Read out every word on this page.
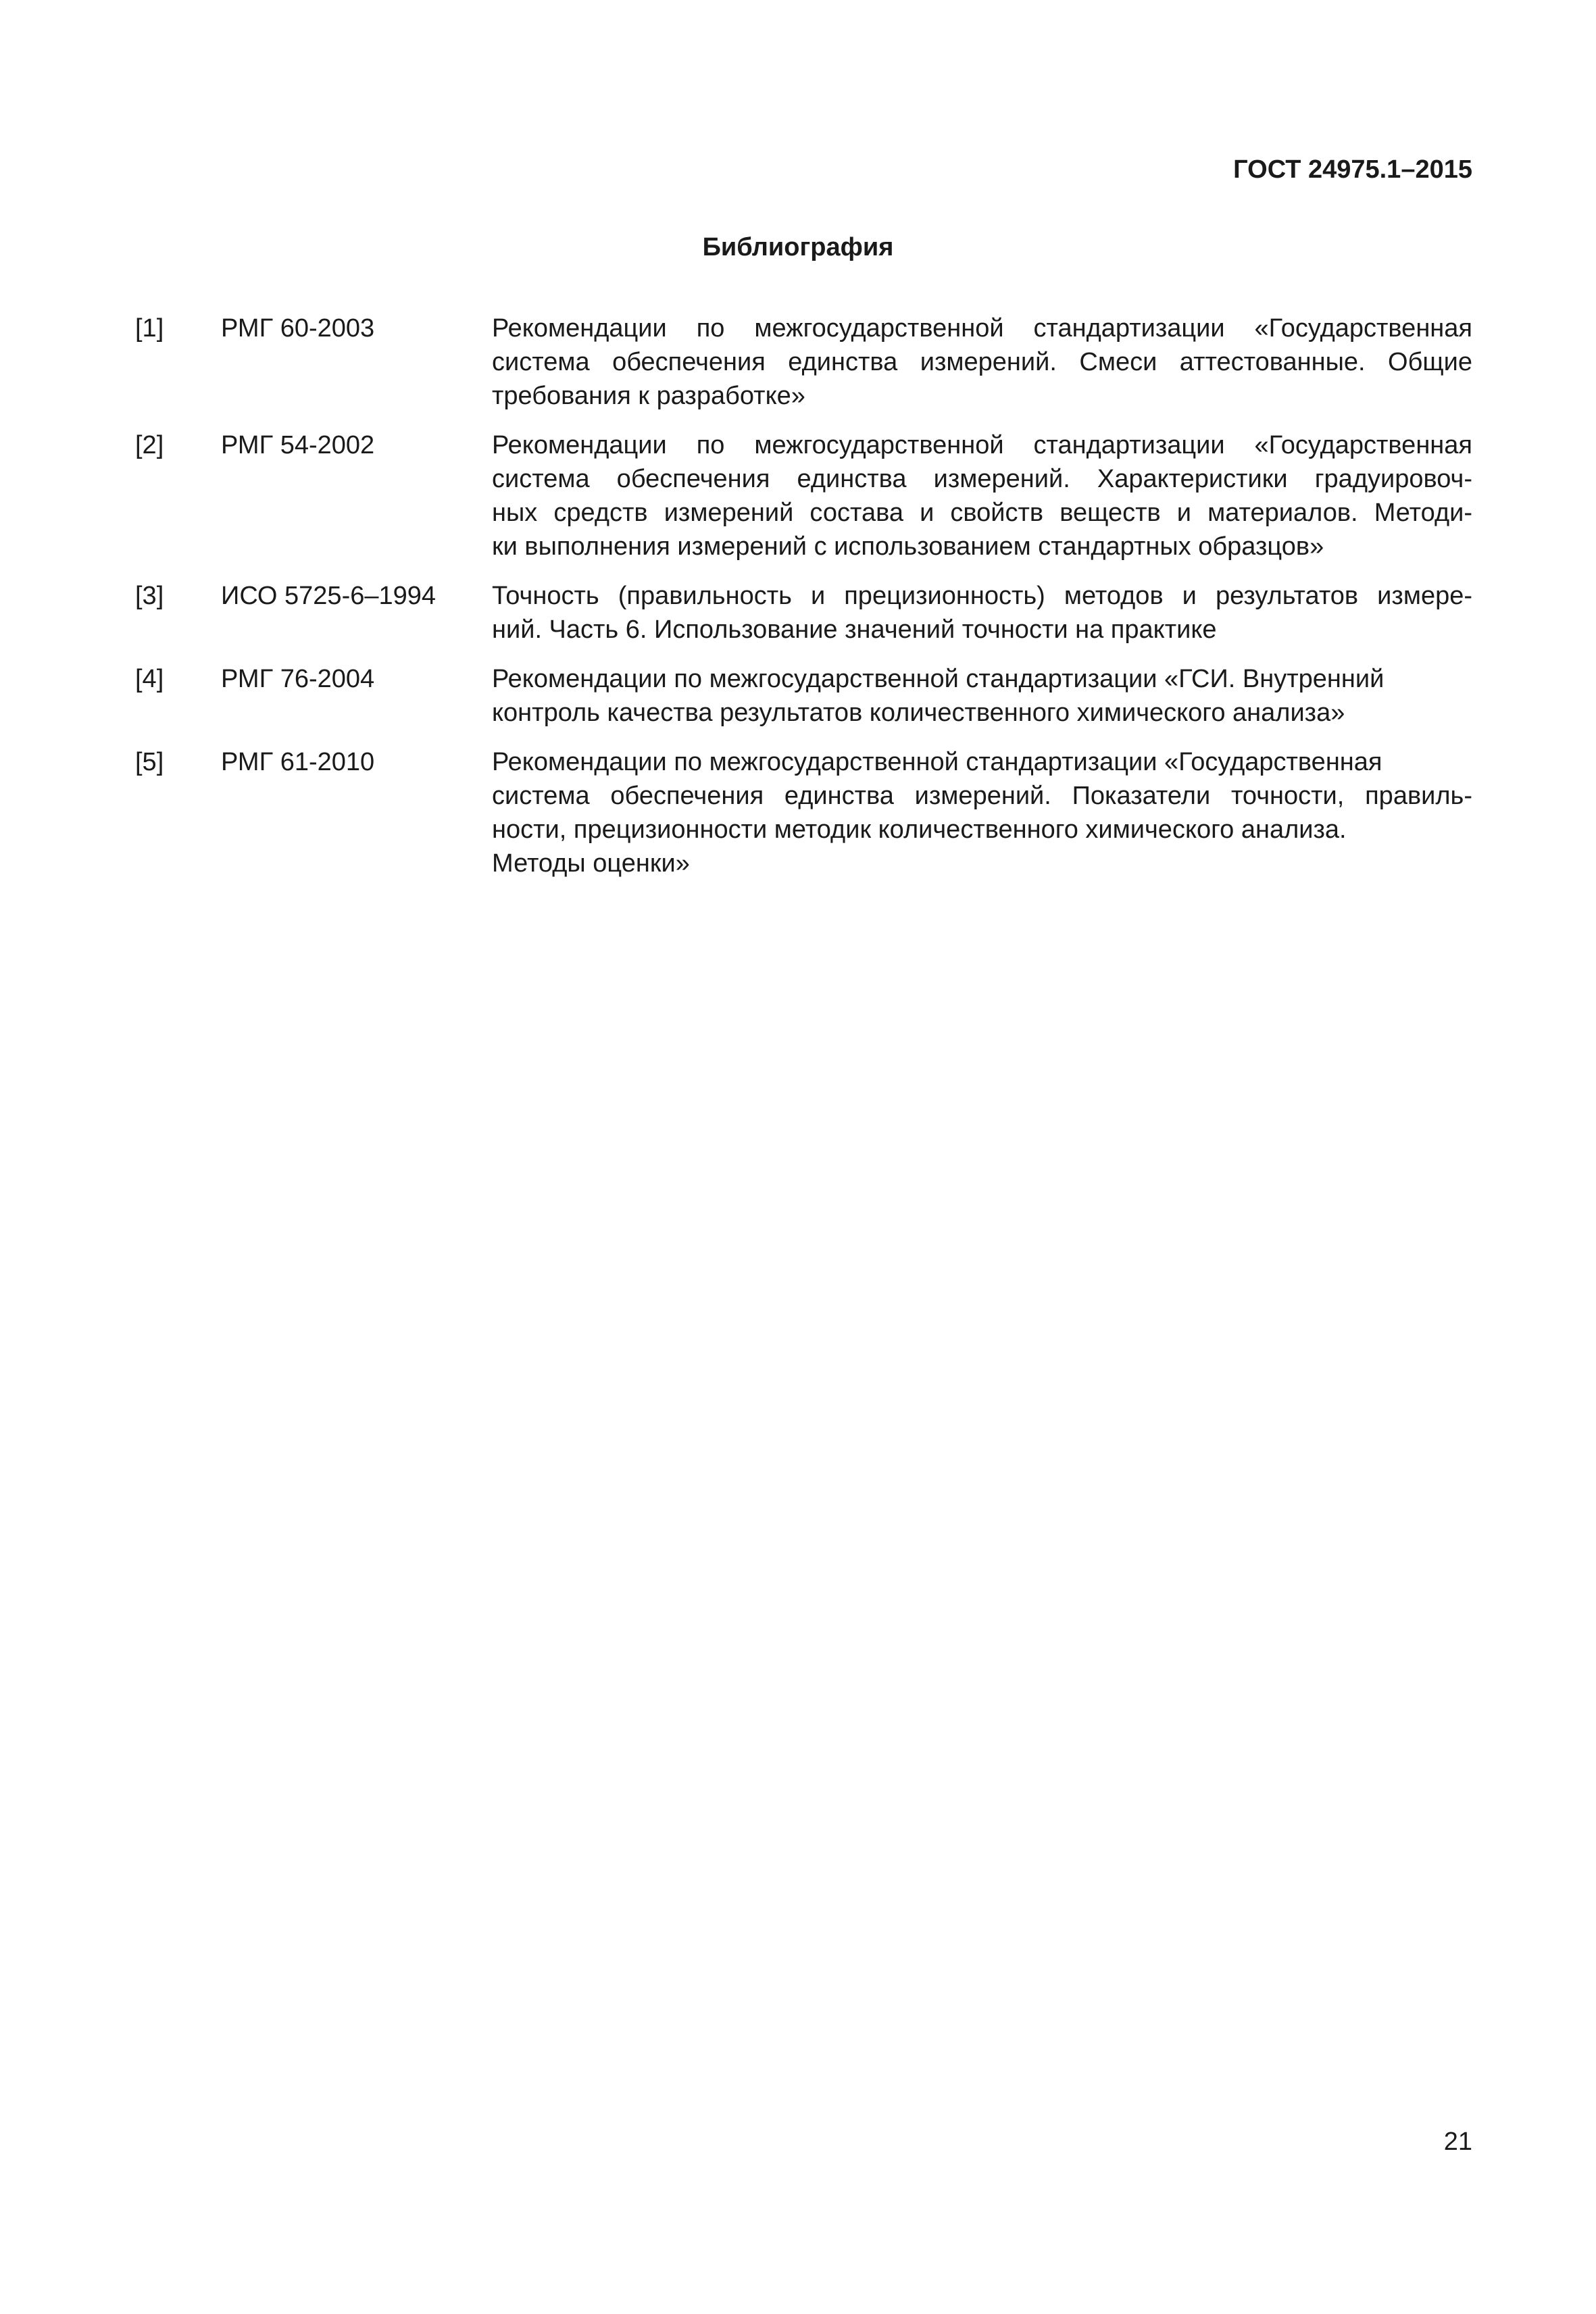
ГОСТ 24975.1–2015
Библиография
[1] РМГ 60-2003	Рекомендации по межгосударственной стандартизации «Государственная
система обеспечения единства измерений. Смеси аттестованные. Общие
требования к разработке»
[2] РМГ 54-2002	Рекомендации по межгосударственной стандартизации «Государственная
система обеспечения единства измерений. Характеристики градуировоч-
ных средств измерений состава и свойств веществ и материалов. Методи-
ки выполнения измерений с использованием стандартных образцов»
[3] ИСО 5725-6–1994 Точность (правильность и прецизионность) методов и результатов измере-
ний. Часть 6. Использование значений точности на практике
[4] РМГ 76-2004	Рекомендации по межгосударственной стандартизации «ГСИ. Внутренний
контроль качества результатов количественного химического анализа»
[5] РМГ 61-2010	Рекомендации по межгосударственной стандартизации «Государственная
система обеспечения единства измерений. Показатели точности, правиль-
ности, прецизионности методик количественного химического анализа.
Методы оценки»
21
